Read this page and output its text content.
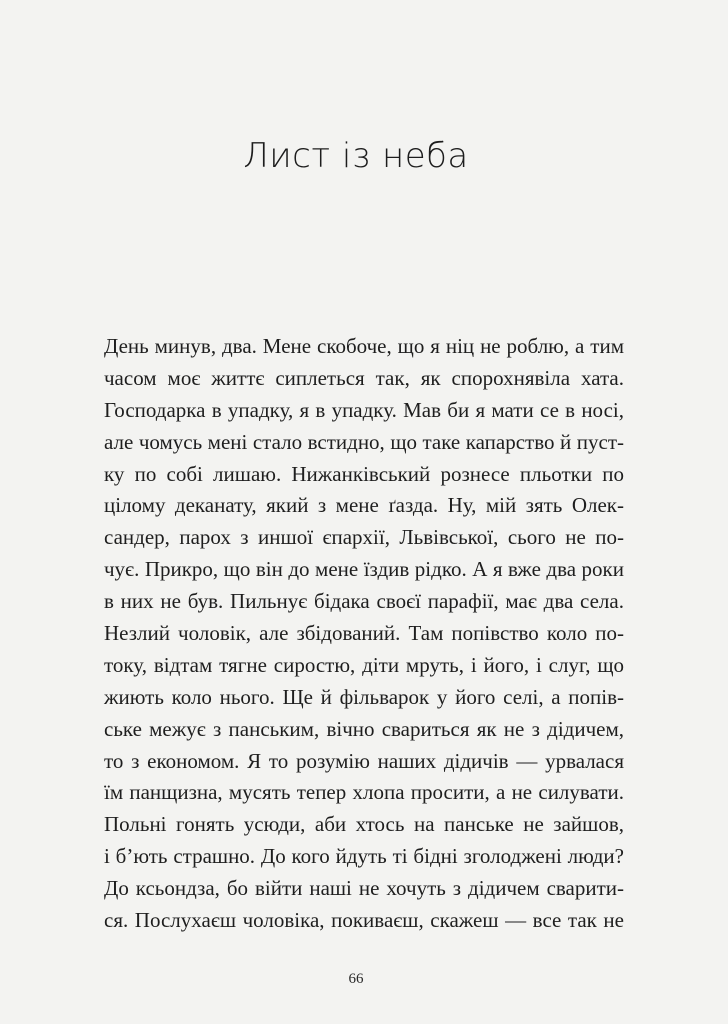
Лист із неба
День минув, два. Мене скобоче, що я ніц не роблю, а тим
часом моє життє сиплеться так, як спорохнявіла хата.
Господарка в упадку, я в упадку. Мав би я мати се в носі,
але чомусь мені стало встидно, що таке капарство й пуст-
ку по собі лишаю. Нижанківський рознесе пльотки по
цілому деканату, який з мене ґазда. Ну, мій зять Олек-
сандер, парох з иншої єпархії, Львівської, сього не по-
чує. Прикро, що він до мене їздив рідко. А я вже два роки
в них не був. Пильнує бідака своєї парафії, має два села.
Незлий чоловік, але збідований. Там попівство коло по-
току, відтам тягне сиростю, діти мруть, і його, і слуг, що
жиють коло нього. Ще й фільварок у його селі, а попів-
ське межує з панським, вічно свариться як не з дідичем,
то з економом. Я то розумію наших дідичів — урвалася
їм панщизна, мусять тепер хлопа просити, а не силувати.
Польні гонять усюди, аби хтось на панське не зайшов,
і б’ють страшно. До кого йдуть ті бідні зголоджені люди?
До ксьондза, бо війти наші не хочуть з дідичем сварити-
ся. Послухаєш чоловіка, покиваєш, скажеш — все так не
66
